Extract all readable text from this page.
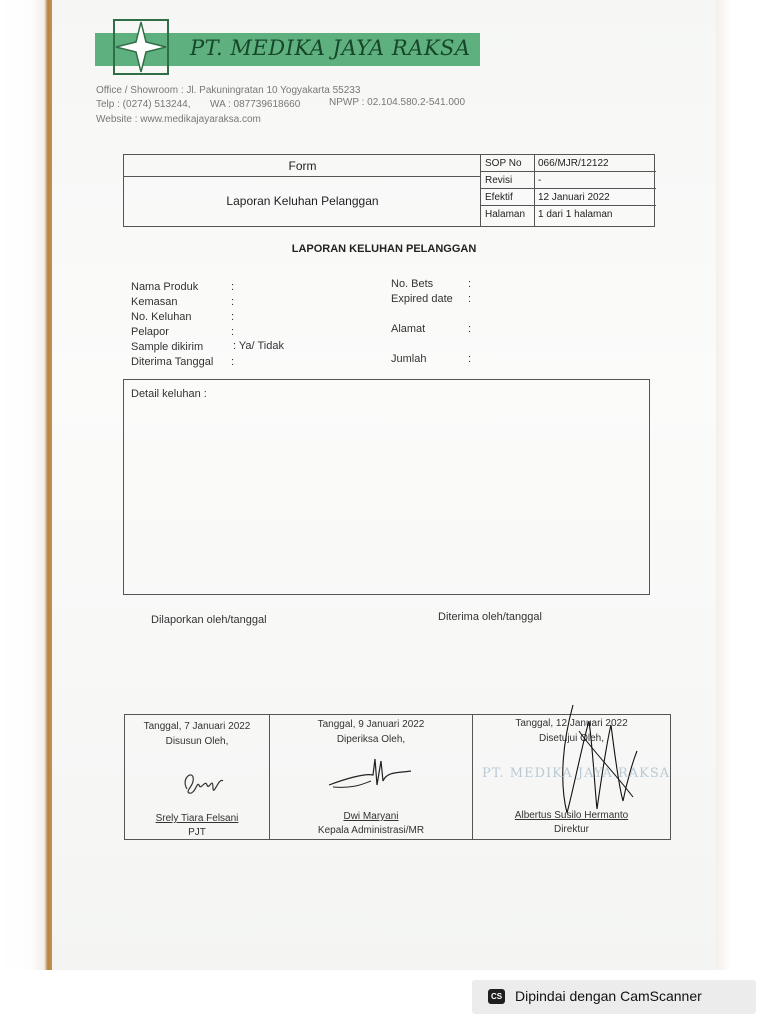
PT. MEDIKA JAYA RAKSA
Office / Showroom : Jl. Pakuningratan 10 Yogyakarta 55233
Telp : (0274) 513244, WA : 087739618660	NPWP : 02.104.580.2-541.000
Website : www.medikajayaraksa.com
Form
Laporan Keluhan Pelanggan
SOP No 066/MJR/12122
Revisi	-
Efektif	12 Januari 2022
Halaman 1 dari 1 halaman
LAPORAN KELUHAN PELANGGAN
Nama Produk	:
Kemasan	:
No. Keluhan	:
Pelapor	:
Sample dikirim	: Ya/ Tidak
Diterima Tanggal :
No. Bets	:
Expired date :
Alamat	:
Jumlah	:
Detail keluhan :
Dilaporkan oleh/tanggal	Diterima oleh/tanggal
Tanggal, 7 Januari 2022
Disusun Oleh,
Srely Tiara Felsani
PJT
Tanggal, 9 Januari 2022
Diperiksa Oleh,
Dwi Maryani
Kepala Administrasi/MR
Tanggal, 12 Januari 2022
Disetujui Oleh,
Albertus Susilo Hermanto
Direktur
PT. MEDIKA JAYA RAKSA
CS Dipindai dengan CamScanner
